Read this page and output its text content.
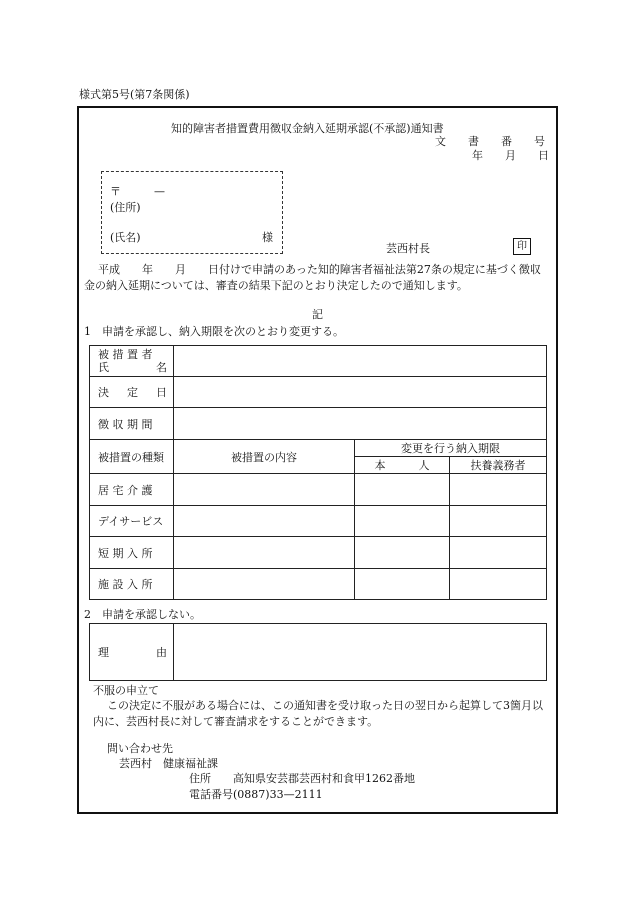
様式第5号(第7条関係)
知的障害者措置費用徴収金納入延期承認(不承認)通知書
文　　書　　番　　号
年　　月　　日
〒　　　—
(住所)
(氏名)	様
芸西村長	印
平成　　年　　月　　日付けで申請のあった知的障害者福祉法第27条の規定に基づく徴収金の納入延期については、審査の結果下記のとおり決定したので通知します。
記
1　申請を承認し、納入期限を次のとおり変更する。
被 措 置 者
氏 名	

決 定 日	

徴 収 期 間	
被措置の種類	被措置の内容	変更を行う納入期限	
		本　　　人	扶養義務者
居 宅 介 護			
デイサービス			
短 期 入 所			
施 設 入 所			
2　申請を承認しない。
理	由

不服の申立て
この決定に不服がある場合には、この通知書を受け取った日の翌日から起算して3箇月以内に、芸西村長に対して審査請求をすることができます。
問い合わせ先
芸西村　健康福祉課
住所　　高知県安芸郡芸西村和食甲1262番地
電話番号(0887)33—2111
